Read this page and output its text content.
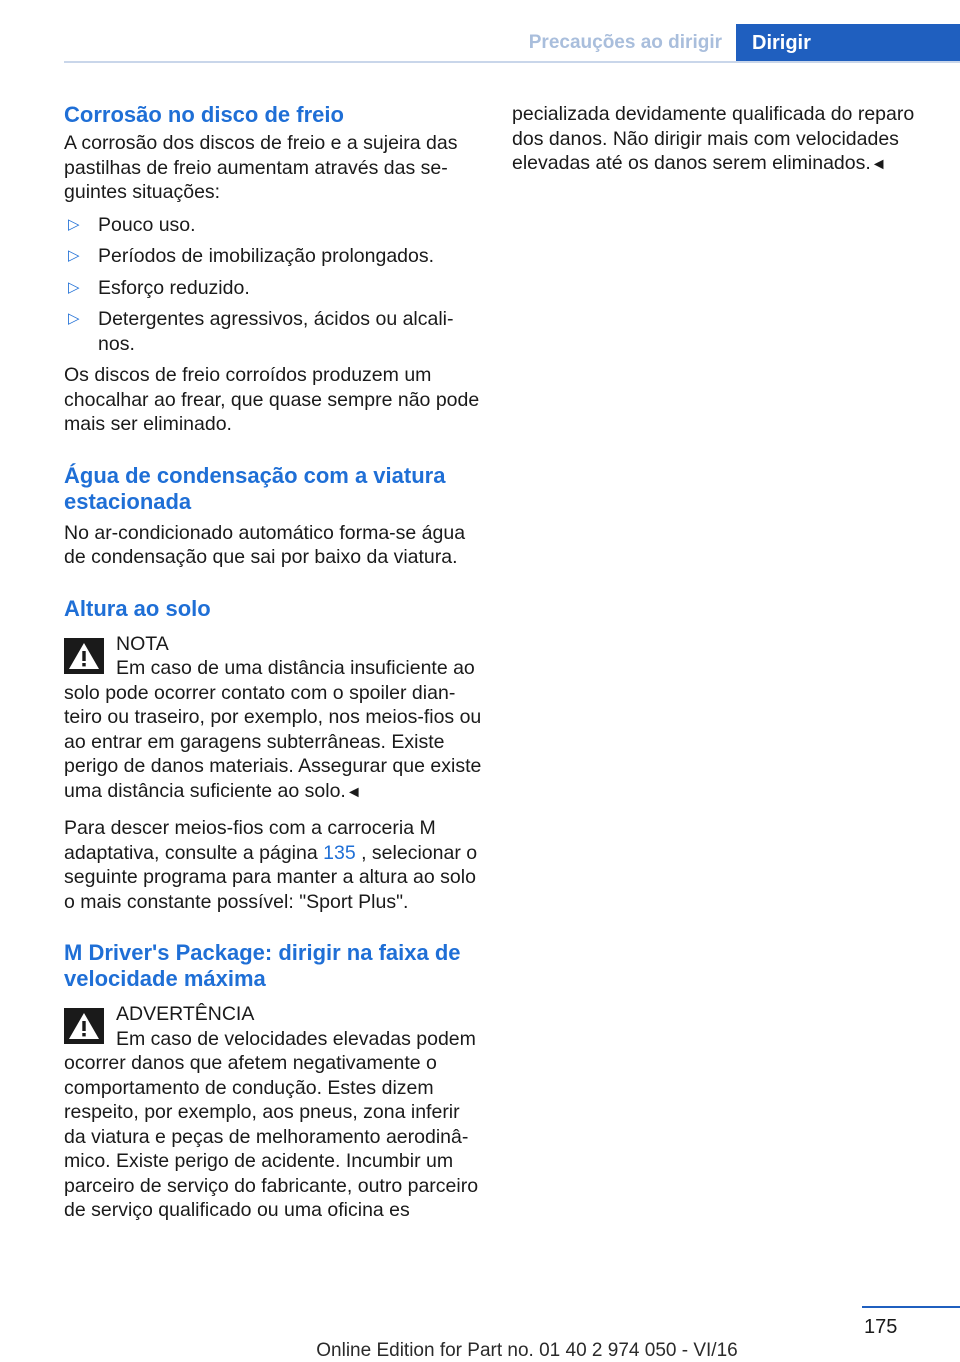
Precauções ao dirigir	Dirigir
Corrosão no disco de freio

A corrosão dos discos de freio e a sujeira das pastilhas de freio aumentam através das seguintes situações:

▷ Pouco uso.
▷ Períodos de imobilização prolongados.
▷ Esforço reduzido.
▷ Detergentes agressivos, ácidos ou alcalinos.

Os discos de freio corroídos produzem um chocalhar ao frear, que quase sempre não pode mais ser eliminado.

Água de condensação com a viatura estacionada

No ar-condicionado automático forma-se água de condensação que sai por baixo da viatura.

Altura ao solo
NOTA

Em caso de uma distância insuficiente ao

solo pode ocorrer contato com o spoiler dianteiro ou traseiro, por exemplo, nos meios-fios ou ao entrar em garagens subterrâneas. Existe perigo de danos materiais. Assegurar que existe uma distância suficiente ao solo.◄

Para descer meios-fios com a carroceria M adaptativa, consulte a página 135 , selecionar o seguinte programa para manter a altura ao solo o mais constante possível: "Sport Plus".

M Driver's Package: dirigir na faixa de velocidade máxima
ADVERTÊNCIA

Em caso de velocidades elevadas podem

ocorrer danos que afetem negativamente o comportamento de condução. Estes dizem respeito, por exemplo, aos pneus, zona inferir da viatura e peças de melhoramento aerodinâmico. Existe perigo de acidente. Incumbir um parceiro de serviço do fabricante, outro parceiro de serviço qualificado ou uma oficina es

pecializada devidamente qualificada do reparo dos danos. Não dirigir mais com velocidades elevadas até os danos serem eliminados.◄

175
Online Edition for Part no. 01 40 2 974 050 - VI/16
